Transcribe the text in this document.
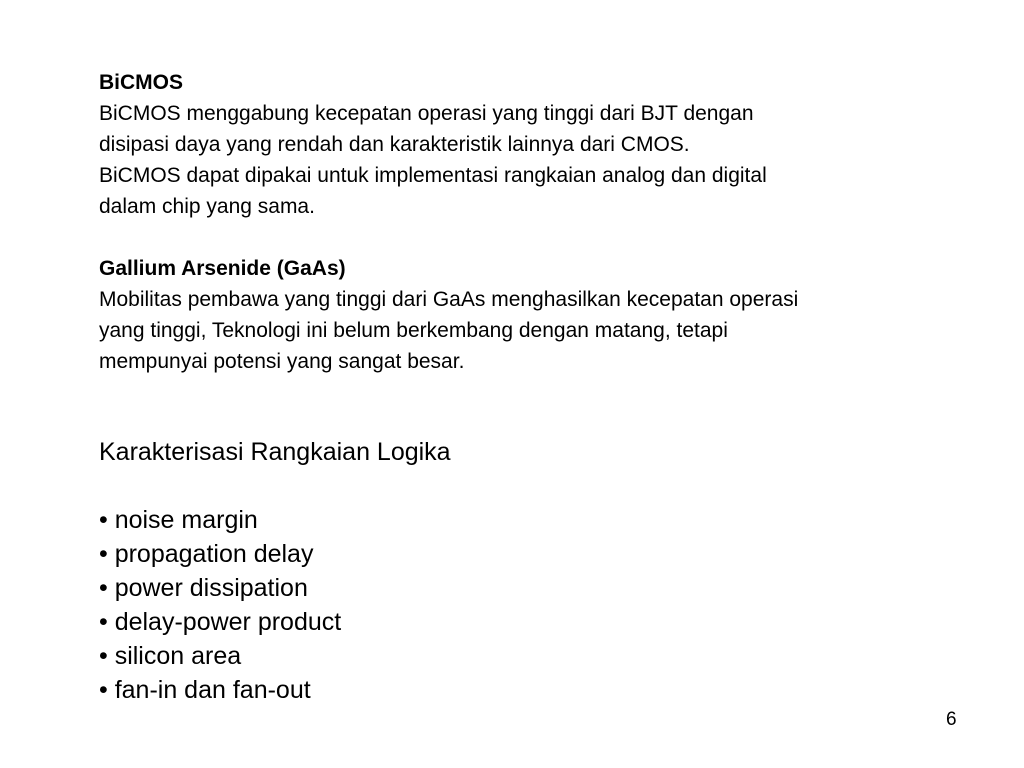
BiCMOS
BiCMOS menggabung kecepatan operasi yang tinggi dari BJT dengan
disipasi daya yang rendah dan karakteristik lainnya dari CMOS.
BiCMOS dapat dipakai untuk implementasi rangkaian analog dan digital
dalam chip yang sama.
Gallium Arsenide (GaAs)
Mobilitas pembawa yang tinggi dari GaAs menghasilkan kecepatan operasi
yang tinggi, Teknologi ini belum berkembang dengan matang, tetapi
mempunyai potensi yang sangat besar.
Karakterisasi Rangkaian Logika
• noise margin
• propagation delay
• power dissipation
• delay-power product
• silicon area
• fan-in dan fan-out
6
